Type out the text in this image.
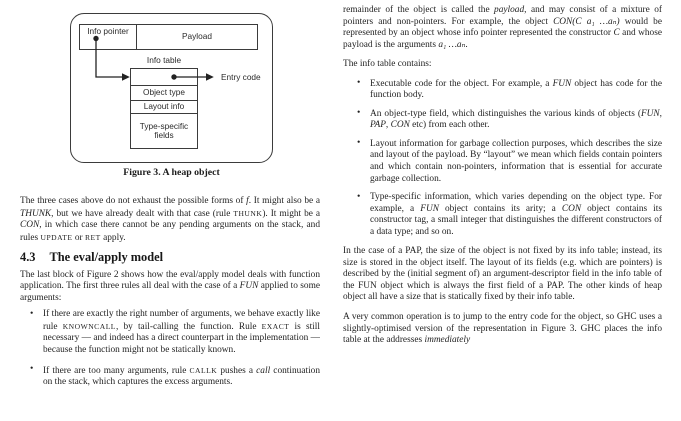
Info pointer
Payload
Info table
Object type
Layout info
Type-specific
fields
Entry code
Figure 3. A heap object

The three cases above do not exhaust the possible forms of f. It might also be a THUNK, but we have already dealt with that case (rule THUNK). It might be a CON, in which case there cannot be any pending arguments on the stack, and rules UPDATE or RET apply.

4.3 The eval/apply model

The last block of Figure 2 shows how the eval/apply model deals with function application. The first three rules all deal with the case of a FUN applied to some arguments:

• If there are exactly the right number of arguments, we behave exactly like rule KNOWNCALL, by tail-calling the function. Rule EXACT is still necessary — and indeed has a direct counterpart in the implementation — because the function might not be statically known.
• If there are too many arguments, rule CALLK pushes a call continuation on the stack, which captures the excess arguments.

remainder of the object is called the payload, and may consist of a mixture of pointers and non-pointers. For example, the object CON(C a₁ …aₙ) would be represented by an object whose info pointer represented the constructor C and whose payload is the arguments a₁ …aₙ.

The info table contains:

• Executable code for the object. For example, a FUN object has code for the function body.
• An object-type field, which distinguishes the various kinds of objects (FUN, PAP, CON etc) from each other.
• Layout information for garbage collection purposes, which describes the size and layout of the payload. By “layout” we mean which fields contain pointers and which contain non-pointers, information that is essential for accurate garbage collection.
• Type-specific information, which varies depending on the object type. For example, a FUN object contains its arity; a CON object contains its constructor tag, a small integer that distinguishes the different constructors of a data type; and so on.

In the case of a PAP, the size of the object is not fixed by its info table; instead, its size is stored in the object itself. The layout of its fields (e.g. which are pointers) is described by the (initial segment of) an argument-descriptor field in the info table of the FUN object which is always the first field of a PAP. The other kinds of heap object all have a size that is statically fixed by their info table.

A very common operation is to jump to the entry code for the object, so GHC uses a slightly-optimised version of the representation in Figure 3. GHC places the info table at the addresses immediately
